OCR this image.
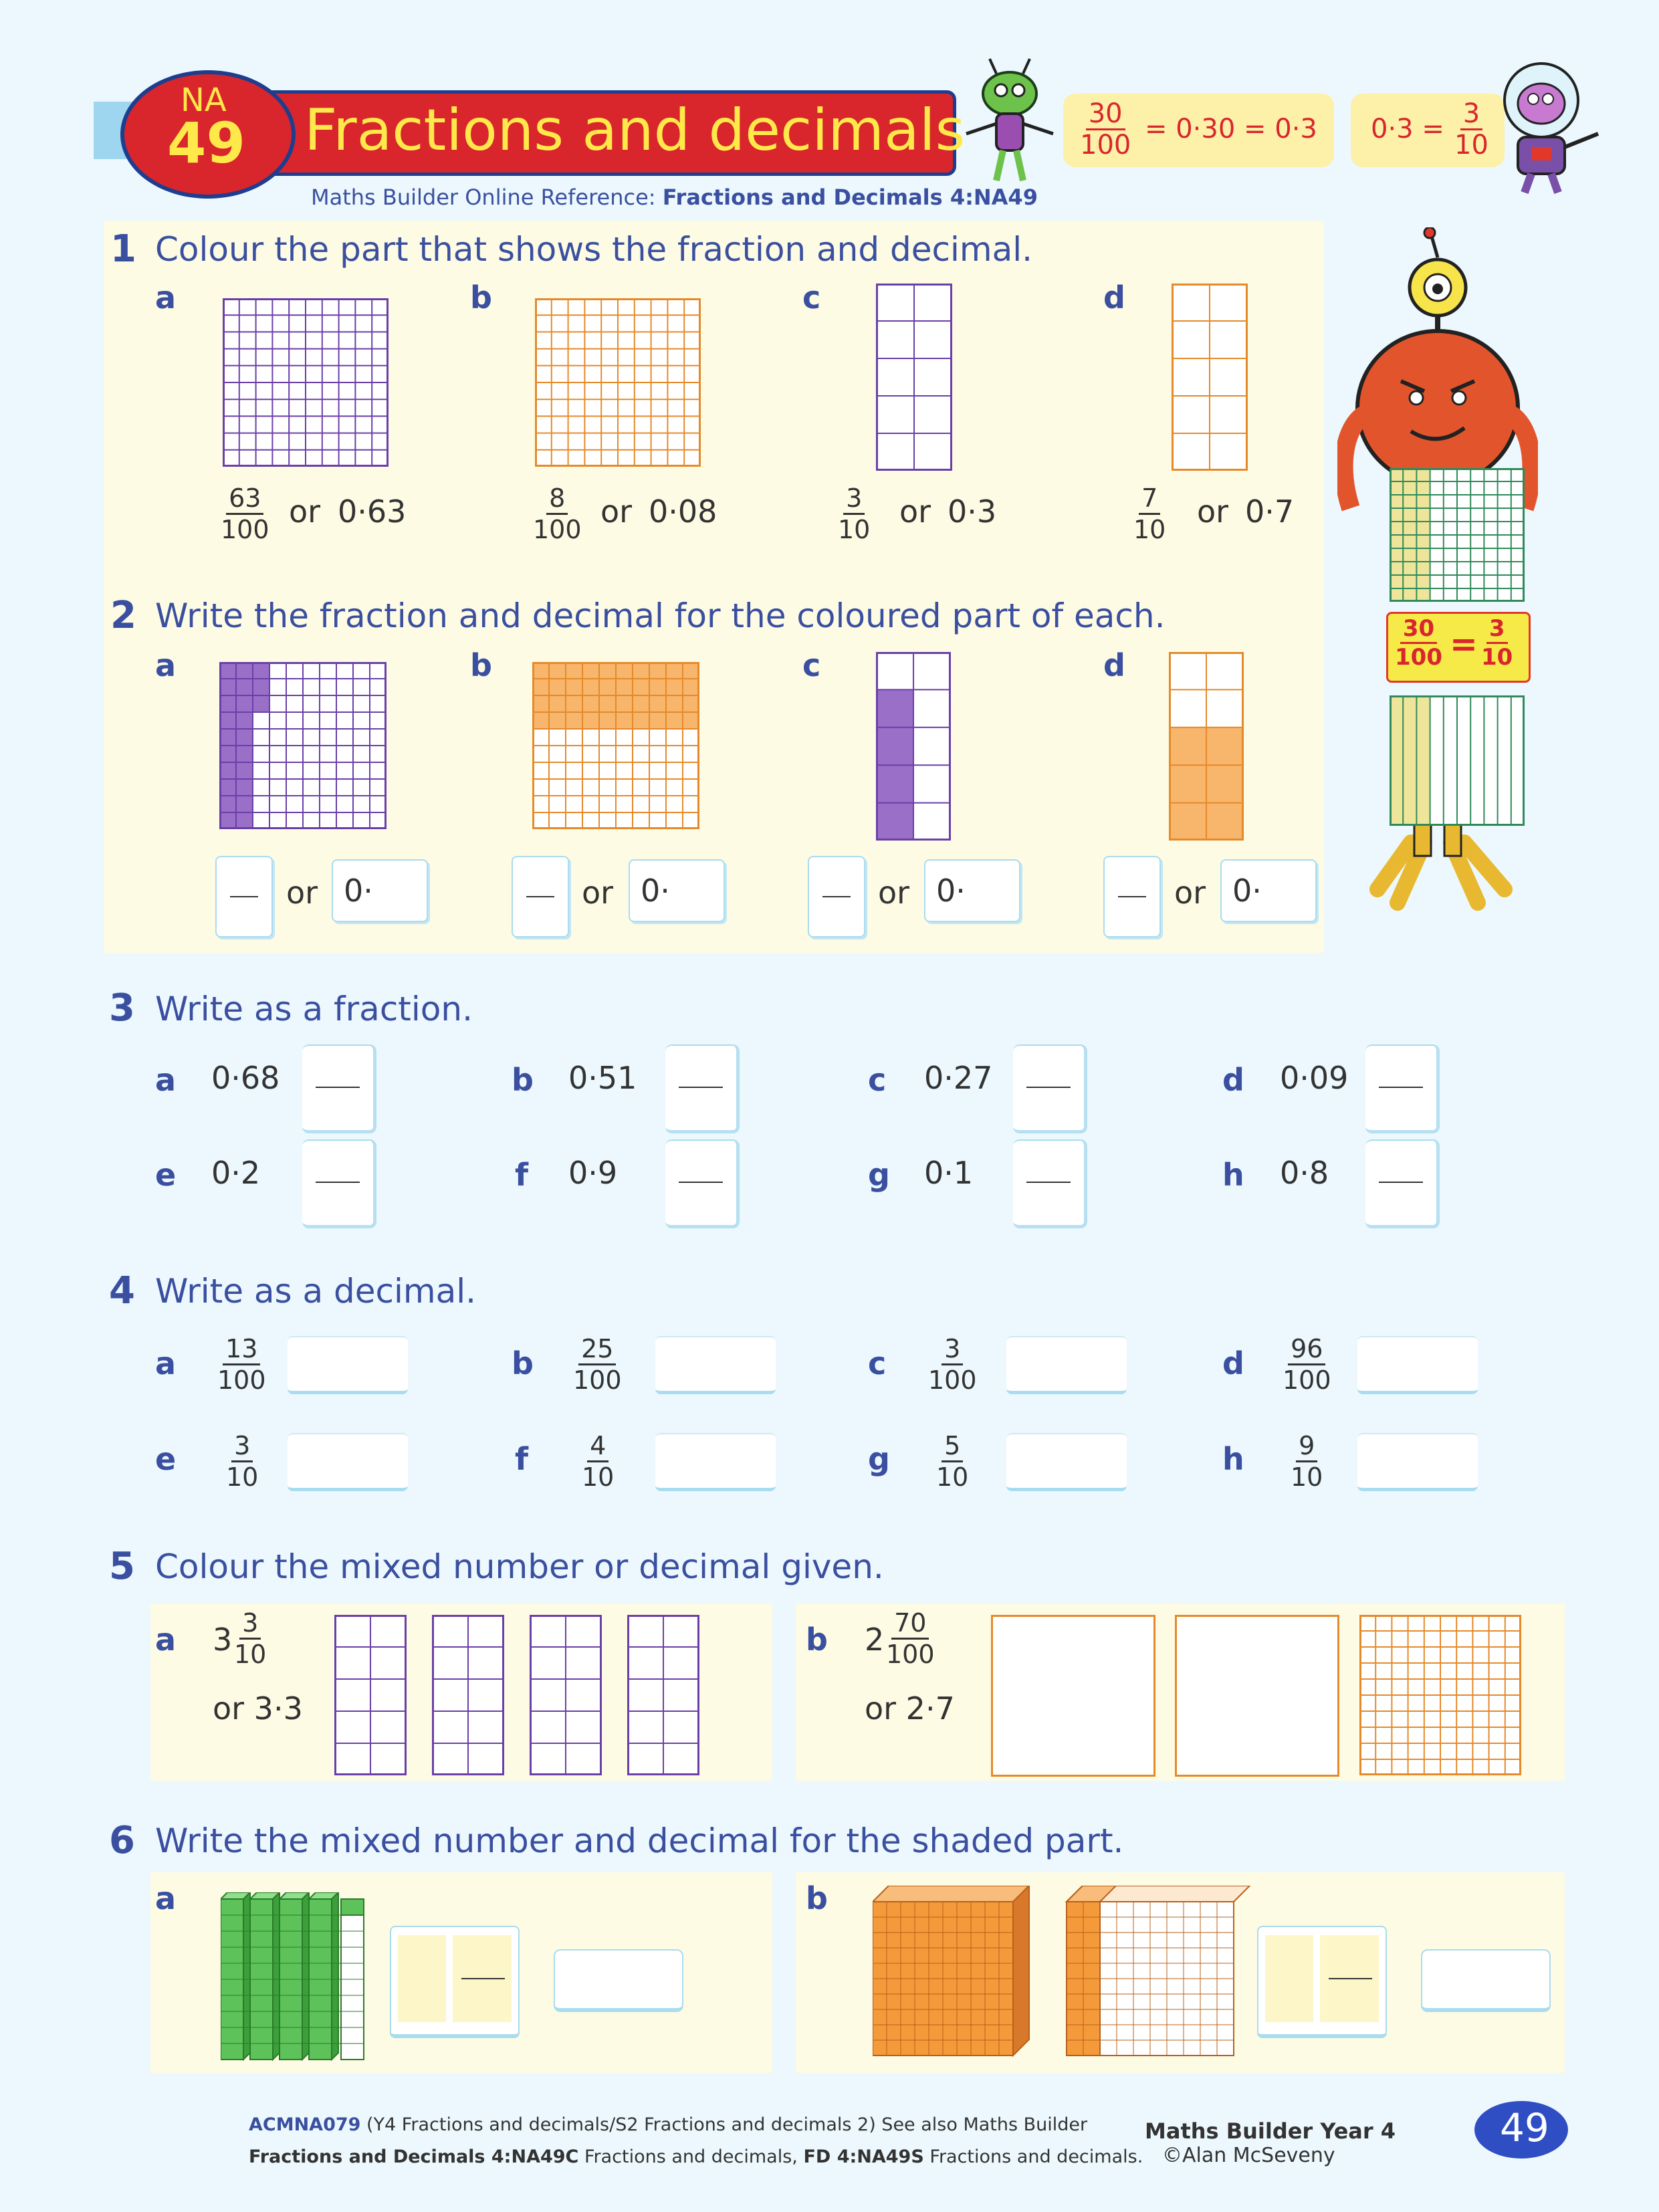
Fractions and decimals
NA
49
Maths Builder Online Reference: Fractions and Decimals 4:NA49
$\frac{30}{100} = 0\cdot 30 = 0\cdot 3$ $0\cdot 3 = \frac{3}{10}$
1 Colour the part that shows the fraction and decimal.
a
$\frac{63}{100}$ or 0·63
b
$\frac{8}{100}$ or 0·08
c
$\frac{3}{10}$ or 0·3
d
$\frac{7}{10}$ or 0·7
2 Write the fraction and decimal for the coloured part of each.
a	b	c	d
or 0·	or 0·	or 0·	or 0·
$\frac{30}{100} = \frac{3}{10}$
3 Write as a fraction.
a 0·68	b 0·51	c 0·27	d 0·09
e 0·2	f 0·9	g 0·1	h 0·8
4 Write as a decimal.
a $\frac{13}{100}$	b $\frac{25}{100}$	c $\frac{3}{100}$	d $\frac{96}{100}$
e $\frac{3}{10}$	f $\frac{4}{10}$	g $\frac{5}{10}$	h $\frac{9}{10}$
5 Colour the mixed number or decimal given.
a $3 \frac{3}{10}$
or 3·3
b $2 \frac{70}{100}$
or 2·7
6 Write the mixed number and decimal for the shaded part.
a	b
ACMNA079 (Y4 Fractions and decimals/S2 Fractions and decimals 2) See also Maths Builder
Fractions and Decimals 4:NA49C Fractions and decimals, FD 4:NA49S Fractions and decimals.
Maths Builder Year 4
©Alan McSeveny
49
